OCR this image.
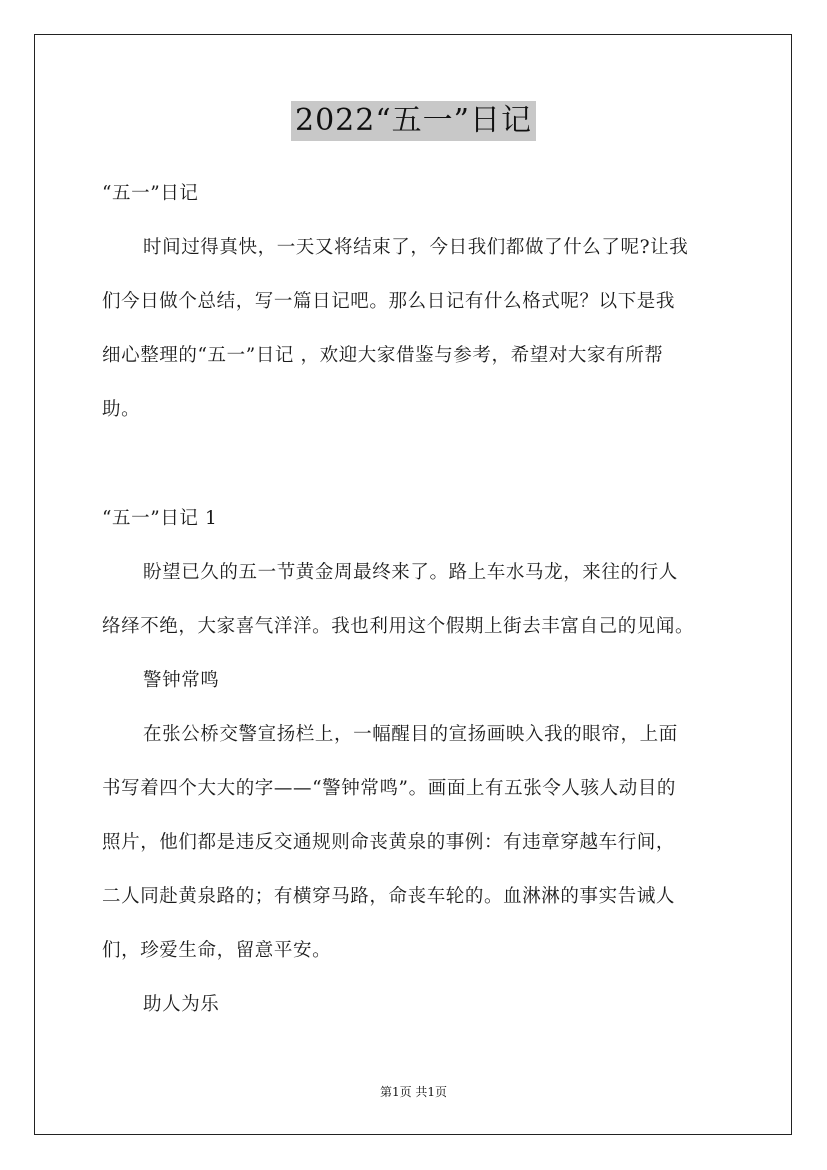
2022“五一”日记
“五一”日记
时间过得真快，一天又将结束了，今日我们都做了什么了呢?让我
们今日做个总结，写一篇日记吧。那么日记有什么格式呢？以下是我
细心整理的“五一”日记 ，欢迎大家借鉴与参考，希望对大家有所帮
助。
“五一”日记 1
盼望已久的五一节黄金周最终来了。路上车水马龙，来往的行人
络绎不绝，大家喜气洋洋。我也利用这个假期上街去丰富自己的见闻。
警钟常鸣
在张公桥交警宣扬栏上，一幅醒目的宣扬画映入我的眼帘，上面
书写着四个大大的字——“警钟常鸣”。画面上有五张令人骇人动目的
照片，他们都是违反交通规则命丧黄泉的事例：有违章穿越车行间，
二人同赴黄泉路的；有横穿马路，命丧车轮的。血淋淋的事实告诫人
们，珍爱生命，留意平安。
助人为乐
第1页 共1页
